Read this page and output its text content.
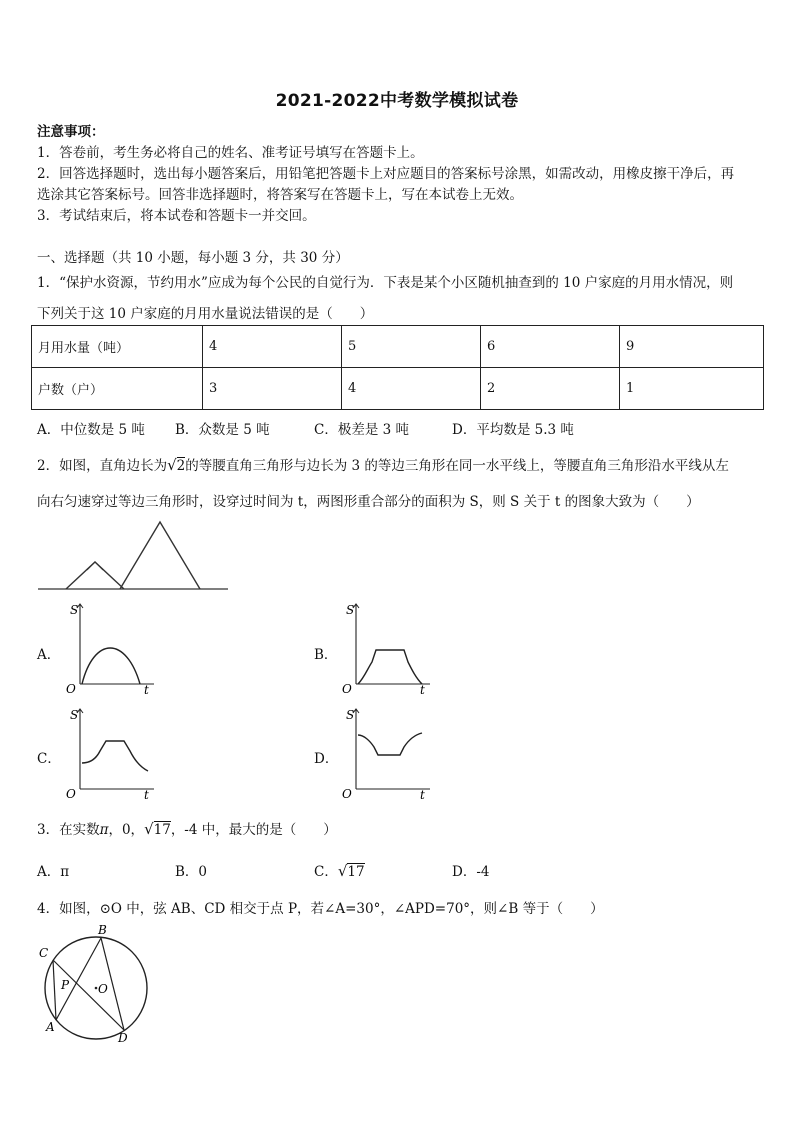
2021-2022中考数学模拟试卷
注意事项：
1．答卷前，考生务必将自己的姓名、准考证号填写在答题卡上。
2．回答选择题时，选出每小题答案后，用铅笔把答题卡上对应题目的答案标号涂黑，如需改动，用橡皮擦干净后，再
选涂其它答案标号。回答非选择题时，将答案写在答题卡上，写在本试卷上无效。
3．考试结束后，将本试卷和答题卡一并交回。
一、选择题（共 10 小题，每小题 3 分，共 30 分）
1．“保护水资源，节约用水”应成为每个公民的自觉行为．下表是某个小区随机抽查到的 10 户家庭的月用水情况，则
下列关于这 10 户家庭的月用水量说法错误的是（　　）
月用水量（吨）	4	5	6	9
户数（户）	3	4	2	1
A．中位数是 5 吨 B．众数是 5 吨	C．极差是 3 吨	D．平均数是 5.3 吨
2．如图，直角边长为√2的等腰直角三角形与边长为 3 的等边三角形在同一水平线上，等腰直角三角形沿水平线从左
向右匀速穿过等边三角形时，设穿过时间为 t，两图形重合部分的面积为 S，则 S 关于 t 的图象大致为（　　）
A．
S
O	t
B．
S
O	t
C．
S
O	t
D．
S
O	t
3．在实数π，0，√17，-4 中，最大的是（　　）
A．π	B．0	C．√17	D．-4
4．如图，⊙O 中，弦 AB、CD 相交于点 P，若∠A=30°，∠APD=70°，则∠B 等于（　　）
B
C
P O
A
D
